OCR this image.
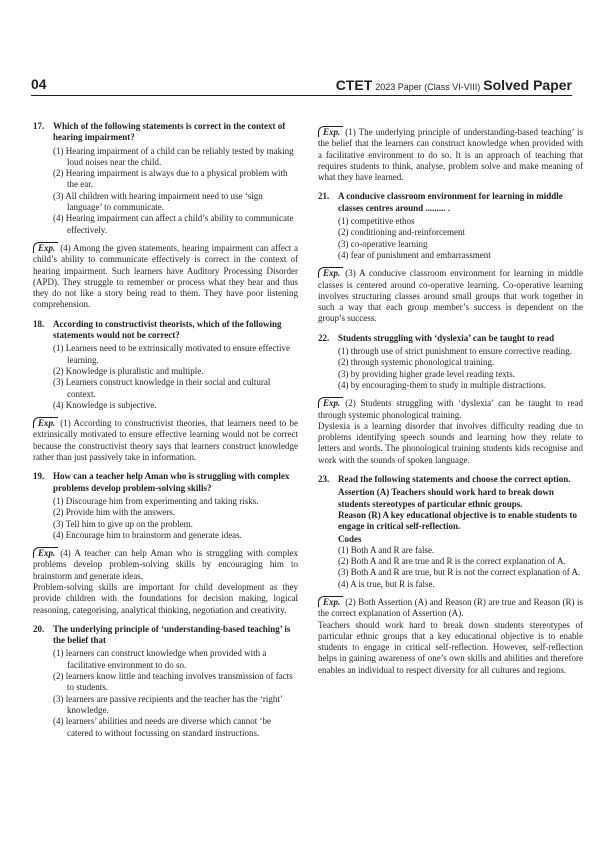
04	CTET 2023 Paper (Class VI-VIII) Solved Paper
17. Which of the following statements is correct in the context of hearing impairment?
(1) Hearing impairment of a child can be reliably tested by making loud noises near the child.
(2) Hearing impairment is always due to a physical problem with the ear.
(3) All children with hearing impairment need to use ‘sign language’ to communicate.
(4) Hearing impairment can affect a child’s ability to communicate effectively.

Exp. (4) Among the given statements, hearing impairment can affect a child’s ability to communicate effectively is correct in the context of hearing impairment. Such learners have Auditory Processing Disorder (APD). They struggle to remember or process what they hear and thus they do not like a story being read to them. They have poor listening comprehension.

18. According to constructivist theorists, which of the following statements would not be correct?
(1) Learners need to be extrinsically motivated to ensure effective learning.
(2) Knowledge is pluralistic and multiple.
(3) Learners construct knowledge in their social and cultural context.
(4) Knowledge is subjective.

Exp. (1) According to constructivist theories, that learners need to be extrinsically motivated to ensure effective learning would not be correct because the constructivist theory says that learners construct knowledge rather than just passively take in information.

19. How can a teacher help Aman who is struggling with complex problems develop problem-solving skills?
(1) Discourage him from experimenting and taking risks.
(2) Provide him with the answers.
(3) Tell him to give up on the problem.
(4) Encourage him to brainstorm and generate ideas.

Exp. (4) A teacher can help Aman who is struggling with complex problems develop problem-solving skills by encouraging him to brainstorm and generate ideas.

Problem-solving skills are important for child development as they provide children with the foundations for decision making, logical reasoning, categorising, analytical thinking, negotiation and creativity.

20. The underlying principle of ‘understanding-based teaching’ is the belief that
(1) learners can construct knowledge when provided with a facilitative environment to do so.
(2) learners know little and teaching involves transmission of facts to students.
(3) learners are passive recipients and the teacher has the ‘right’ knowledge.
(4) learners’ abilities and needs are diverse which cannot ‘be catered to without focussing on standard instructions.

Exp. (1) The underlying principle of understanding-based teaching’ is the belief that the learners can construct knowledge when provided with a facilitative environment to do so. It is an approach of teaching that requires students to think, analyse, problem solve and make meaning of what they have learned.

21. A conducive classroom environment for learning in middle classes centres around ......... .
(1) competitive ethos
(2) conditioning and-reinforcement
(3) co-operative learning
(4) fear of punishment and embarrassment

Exp. (3) A conducive classroom environment for learning in middle classes is centered around co-operative learning. Co-operative learning involves structuring classes around small groups that work together in such a way that each group member’s success is dependent on the group’s success.

22. Students struggling with ‘dyslexia’ can be taught to read
(1) through use of strict punishment to ensure corrective reading.
(2) through systemic phonological training.
(3) by providing higher grade level reading texts.
(4) by encouraging-them to study in multiple distractions.

Exp. (2) Students struggling with ‘dyslexia’ can be taught to read through systemic phonological training.

Dyslexia is a learning disorder that involves difficulty reading due to problems identifying speech sounds and learning how they relate to letters and words. The phonological training students kids recognise and work with the sounds of spoken language.

23. Read the following statements and choose the correct option.

Assertion (A) Teachers should work hard to break down students stereotypes of particular ethnic groups.

Reason (R) A key educational objective is to enable students to engage in critical self-reflection.

Codes

(1) Both A and R are false.
(2) Both A and R are true and R is the correct explanation of A.
(3) Both A and R are true, but R is not the correct explanation of A.
(4) A is true, but R is false.

Exp. (2) Both Assertion (A) and Reason (R) are true and Reason (R) is the correct explanation of Assertion (A).

Teachers should work hard to break down students stereotypes of particular ethnic groups that a key educational objective is to enable students to engage in critical self-reflection. However, self-reflection helps in gaining awareness of one’s own skills and abilities and therefore enables an individual to respect diversity for all cultures and regions.
